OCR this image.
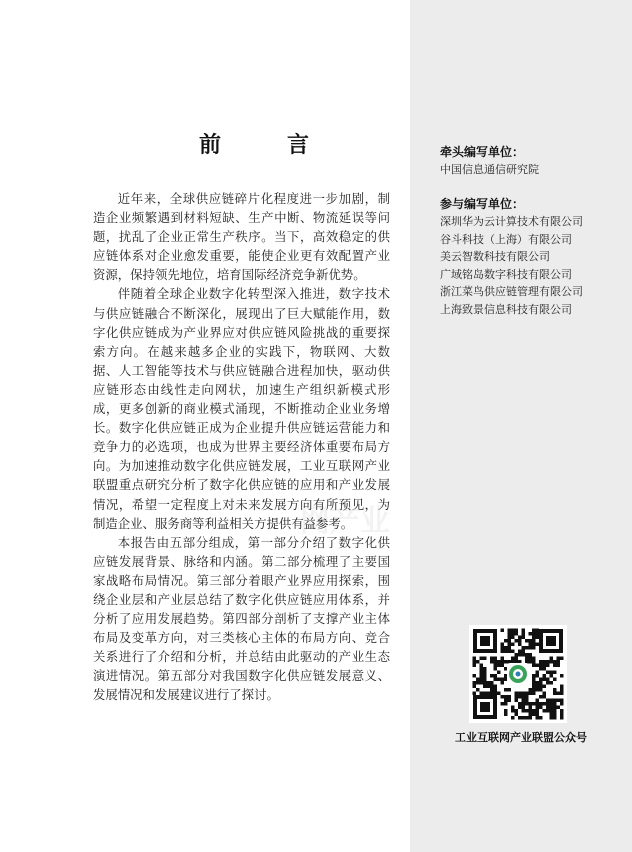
前　言

近年来，全球供应链碎片化程度进一步加剧，制造企业频繁遇到材料短缺、生产中断、物流延误等问题，扰乱了企业正常生产秩序。当下，高效稳定的供应链体系对企业愈发重要，能使企业更有效配置产业资源，保持领先地位，培育国际经济竞争新优势。

伴随着全球企业数字化转型深入推进，数字技术与供应链融合不断深化，展现出了巨大赋能作用，数字化供应链成为产业界应对供应链风险挑战的重要探索方向。在越来越多企业的实践下，物联网、大数据、人工智能等技术与供应链融合进程加快，驱动供应链形态由线性走向网状，加速生产组织新模式形成，更多创新的商业模式涌现，不断推动企业业务增长。数字化供应链正成为企业提升供应链运营能力和竞争力的必选项，也成为世界主要经济体重要布局方向。为加速推动数字化供应链发展，工业互联网产业联盟重点研究分析了数字化供应链的应用和产业发展情况，希望一定程度上对未来发展方向有所预见，为制造企业、服务商等利益相关方提供有益参考。

本报告由五部分组成，第一部分介绍了数字化供应链发展背景、脉络和内涵。第二部分梳理了主要国家战略布局情况。第三部分着眼产业界应用探索，围绕企业层和产业层总结了数字化供应链应用体系，并分析了应用发展趋势。第四部分剖析了支撑产业主体布局及变革方向，对三类核心主体的布局方向、竞合关系进行了介绍和分析，并总结由此驱动的产业生态演进情况。第五部分对我国数字化供应链发展意义、发展情况和发展建议进行了探讨。

网产业
牵头编写单位：
中国信息通信研究院
参与编写单位：
深圳华为云计算技术有限公司
谷斗科技（上海）有限公司
美云智数科技有限公司
广域铭岛数字科技有限公司
浙江菜鸟供应链管理有限公司
上海致景信息科技有限公司
工业互联网产业联盟公众号
